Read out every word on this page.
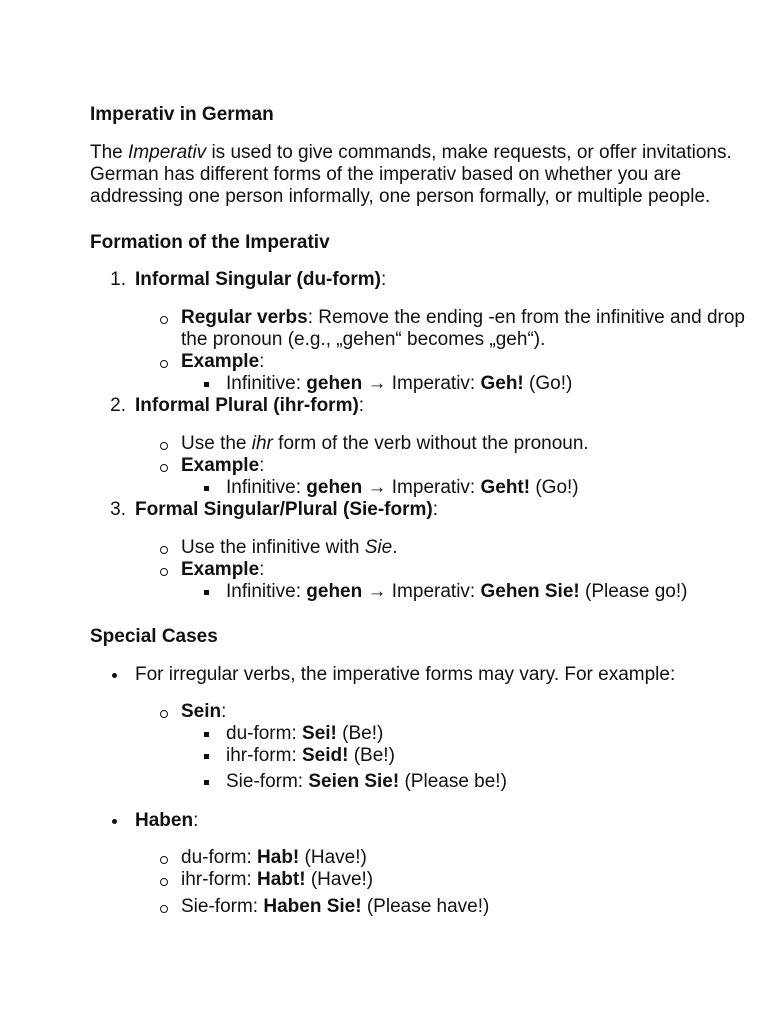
Imperativ in German
The Imperativ is used to give commands, make requests, or offer invitations.
German has different forms of the imperativ based on whether you are
addressing one person informally, one person formally, or multiple people.
Formation of the Imperativ
1. Informal Singular (du-form):
Regular verbs: Remove the ending -en from the infinitive and drop
the pronoun (e.g., „gehen“ becomes „geh“).
Example:
Infinitive: gehen → Imperativ: Geh! (Go!)
2. Informal Plural (ihr-form):
Use the ihr form of the verb without the pronoun.
Example:
Infinitive: gehen → Imperativ: Geht! (Go!)
3. Formal Singular/Plural (Sie-form):
Use the infinitive with Sie.
Example:
Infinitive: gehen → Imperativ: Gehen Sie! (Please go!)
Special Cases
For irregular verbs, the imperative forms may vary. For example:
Sein:
du-form: Sei! (Be!)
ihr-form: Seid! (Be!)
Sie-form: Seien Sie! (Please be!)
Haben:
du-form: Hab! (Have!)
ihr-form: Habt! (Have!)
Sie-form: Haben Sie! (Please have!)
